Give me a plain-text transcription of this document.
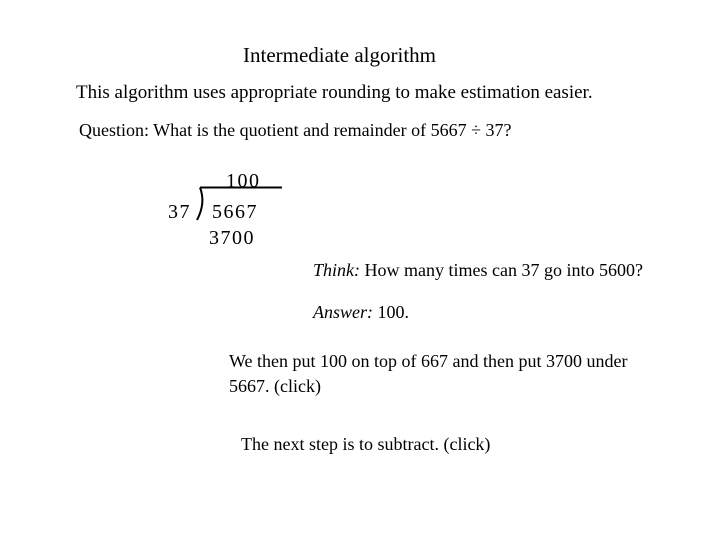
Intermediate algorithm
This algorithm uses appropriate rounding to make estimation easier.
Question: What is the quotient and remainder of 5667 ÷ 37?
100
37 5667
3700
Think: How many times can 37 go into 5600?
Answer: 100.
We then put 100 on top of 667 and then put 3700 under 5667. (click)
The next step is to subtract. (click)
